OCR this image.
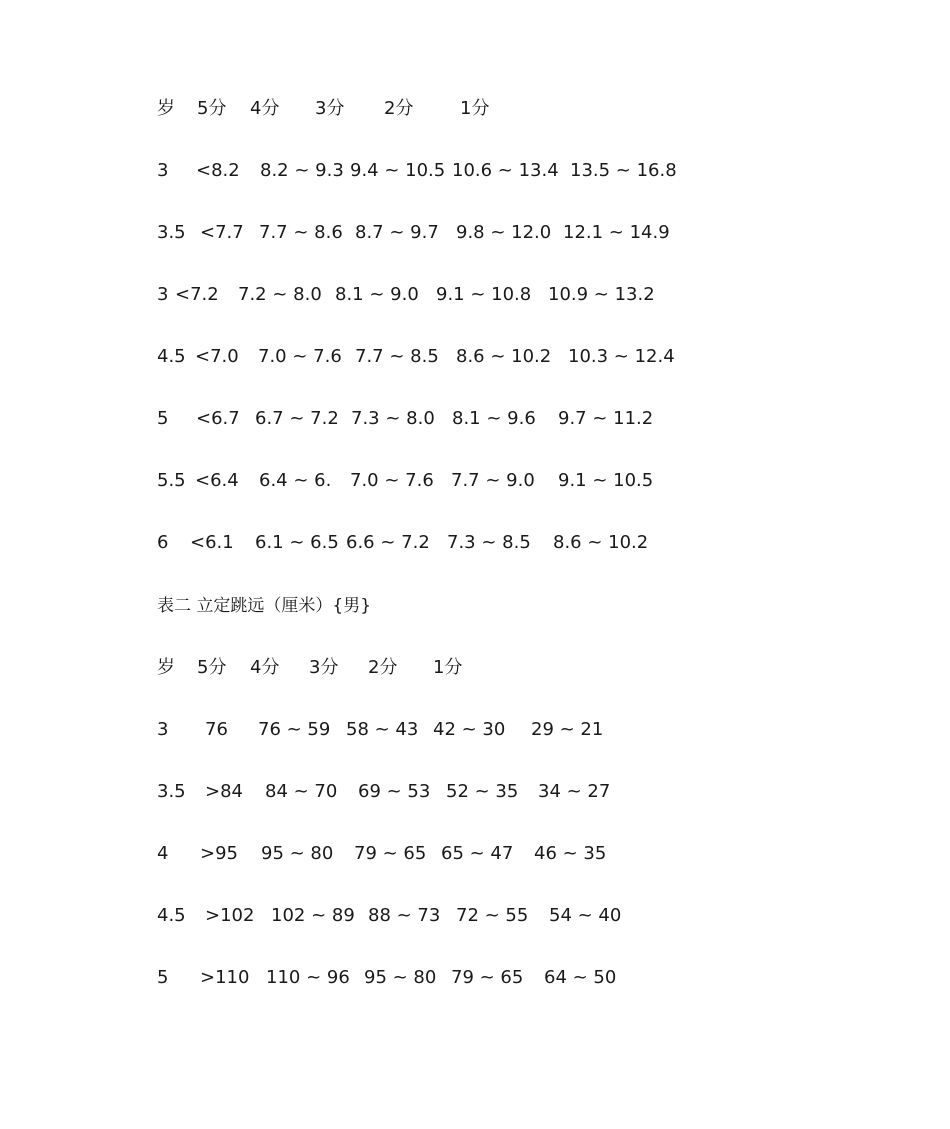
岁 5分 4分 3分 2分	1分
3 <8.2 8.2 ~ 9.3 9.4 ~ 10.5 10.6 ~ 13.4 13.5 ~ 16.8
3.5 <7.7 7.7 ~ 8.6 8.7 ~ 9.7 9.8 ~ 12.0 12.1 ~ 14.9
3 <7.2 7.2 ~ 8.0 8.1 ~ 9.0 9.1 ~ 10.8 10.9 ~ 13.2
4.5 <7.0 7.0 ~ 7.6 7.7 ~ 8.5 8.6 ~ 10.2 10.3 ~ 12.4
5 <6.7 6.7 ~ 7.2 7.3 ~ 8.0 8.1 ~ 9.6 9.7 ~ 11.2
5.5 <6.4 6.4 ~ 6. 7.0 ~ 7.6 7.7 ~ 9.0 9.1 ~ 10.5
6 <6.1 6.1 ~ 6.5 6.6 ~ 7.2 7.3 ~ 8.5 8.6 ~ 10.2
表二 立定跳远（厘米）{男}
岁 5分 4分 3分 2分 1分
3 76 76 ~ 59 58 ~ 43 42 ~ 30 29 ~ 21
3.5 >84 84 ~ 70 69 ~ 53 52 ~ 35 34 ~ 27
4 >95 95 ~ 80 79 ~ 65 65 ~ 47 46 ~ 35
4.5 >102 102 ~ 89 88 ~ 73 72 ~ 55 54 ~ 40
5 >110 110 ~ 96 95 ~ 80 79 ~ 65 64 ~ 50
